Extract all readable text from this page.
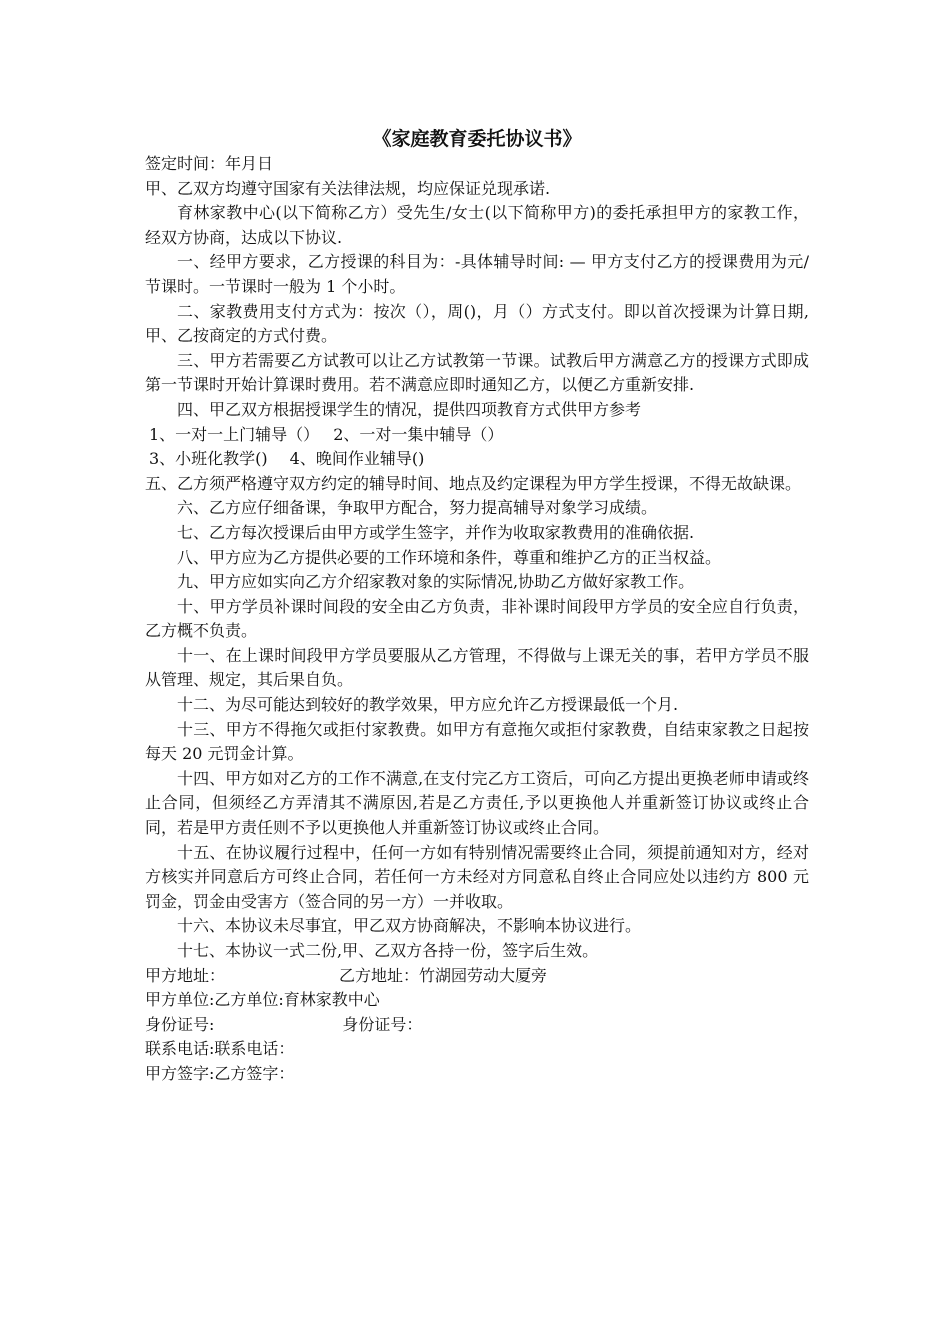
《家庭教育委托协议书》
签定时间：年月日
甲、乙双方均遵守国家有关法律法规，均应保证兑现承诺.
育林家教中心(以下简称乙方）受先生/女士(以下简称甲方)的委托承担甲方的家教工作，经双方协商，达成以下协议.
一、经甲方要求，乙方授课的科目为：-具体辅导时间: — 甲方支付乙方的授课费用为元/节课时。一节课时一般为 1 个小时。
二、家教费用支付方式为：按次（），周()，月（）方式支付。即以首次授课为计算日期,甲、乙按商定的方式付费。
三、甲方若需要乙方试教可以让乙方试教第一节课。试教后甲方满意乙方的授课方式即成第一节课时开始计算课时费用。若不满意应即时通知乙方，以便乙方重新安排.
四、甲乙双方根据授课学生的情况，提供四项教育方式供甲方参考
1、一对一上门辅导（） 2、一对一集中辅导（）
3、小班化教学() 4、晚间作业辅导()
五、乙方须严格遵守双方约定的辅导时间、地点及约定课程为甲方学生授课，不得无故缺课。
六、乙方应仔细备课，争取甲方配合，努力提高辅导对象学习成绩。
七、乙方每次授课后由甲方或学生签字，并作为收取家教费用的准确依据.
八、甲方应为乙方提供必要的工作环境和条件，尊重和维护乙方的正当权益。
九、甲方应如实向乙方介绍家教对象的实际情况,协助乙方做好家教工作。
十、甲方学员补课时间段的安全由乙方负责，非补课时间段甲方学员的安全应自行负责，乙方概不负责。
十一、在上课时间段甲方学员要服从乙方管理，不得做与上课无关的事，若甲方学员不服从管理、规定，其后果自负。
十二、为尽可能达到较好的教学效果，甲方应允许乙方授课最低一个月.
十三、甲方不得拖欠或拒付家教费。如甲方有意拖欠或拒付家教费，自结束家教之日起按每天 20 元罚金计算。
十四、甲方如对乙方的工作不满意,在支付完乙方工资后，可向乙方提出更换老师申请或终止合同，但须经乙方弄清其不满原因,若是乙方责任,予以更换他人并重新签订协议或终止合同，若是甲方责任则不予以更换他人并重新签订协议或终止合同。
十五、在协议履行过程中，任何一方如有特别情况需要终止合同，须提前通知对方，经对方核实并同意后方可终止合同，若任何一方未经对方同意私自终止合同应处以违约方 800 元罚金，罚金由受害方（签合同的另一方）一并收取。
十六、本协议未尽事宜，甲乙双方协商解决，不影响本协议进行。
十七、本协议一式二份,甲、乙双方各持一份，签字后生效。
甲方地址：	乙方地址：竹湖园劳动大厦旁
甲方单位:乙方单位:育林家教中心
身份证号:	身份证号：
联系电话:联系电话：
甲方签字:乙方签字：
